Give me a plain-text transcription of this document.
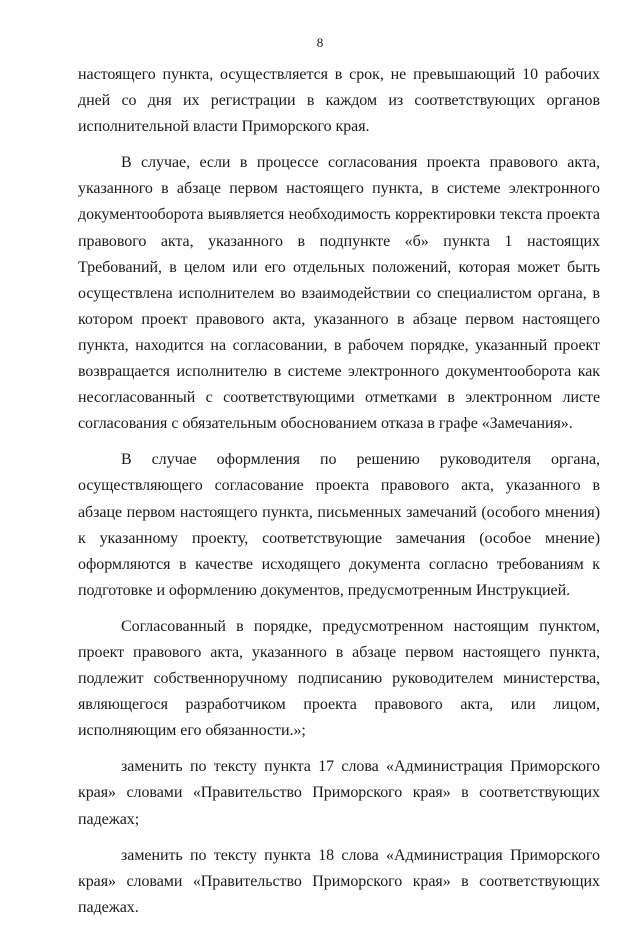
8

настоящего пункта, осуществляется в срок, не превышающий 10 рабочих дней со дня их регистрации в каждом из соответствующих органов исполнительной власти Приморского края.

В случае, если в процессе согласования проекта правового акта, указанного в абзаце первом настоящего пункта, в системе электронного документооборота выявляется необходимость корректировки текста проекта правового акта, указанного в подпункте «б» пункта 1 настоящих Требований, в целом или его отдельных положений, которая может быть осуществлена исполнителем во взаимодействии со специалистом органа, в котором проект правового акта, указанного в абзаце первом настоящего пункта, находится на согласовании, в рабочем порядке, указанный проект возвращается исполнителю в системе электронного документооборота как несогласованный с соответствующими отметками в электронном листе согласования с обязательным обоснованием отказа в графе «Замечания».

В случае оформления по решению руководителя органа, осуществляющего согласование проекта правового акта, указанного в абзаце первом настоящего пункта, письменных замечаний (особого мнения) к указанному проекту, соответствующие замечания (особое мнение) оформляются в качестве исходящего документа согласно требованиям к подготовке и оформлению документов, предусмотренным Инструкцией.

Согласованный в порядке, предусмотренном настоящим пунктом, проект правового акта, указанного в абзаце первом настоящего пункта, подлежит собственноручному подписанию руководителем министерства, являющегося разработчиком проекта правового акта, или лицом, исполняющим его обязанности.»;

заменить по тексту пункта 17 слова «Администрация Приморского края» словами «Правительство Приморского края» в соответствующих падежах;

заменить по тексту пункта 18 слова «Администрация Приморского края» словами «Правительство Приморского края» в соответствующих падежах.
